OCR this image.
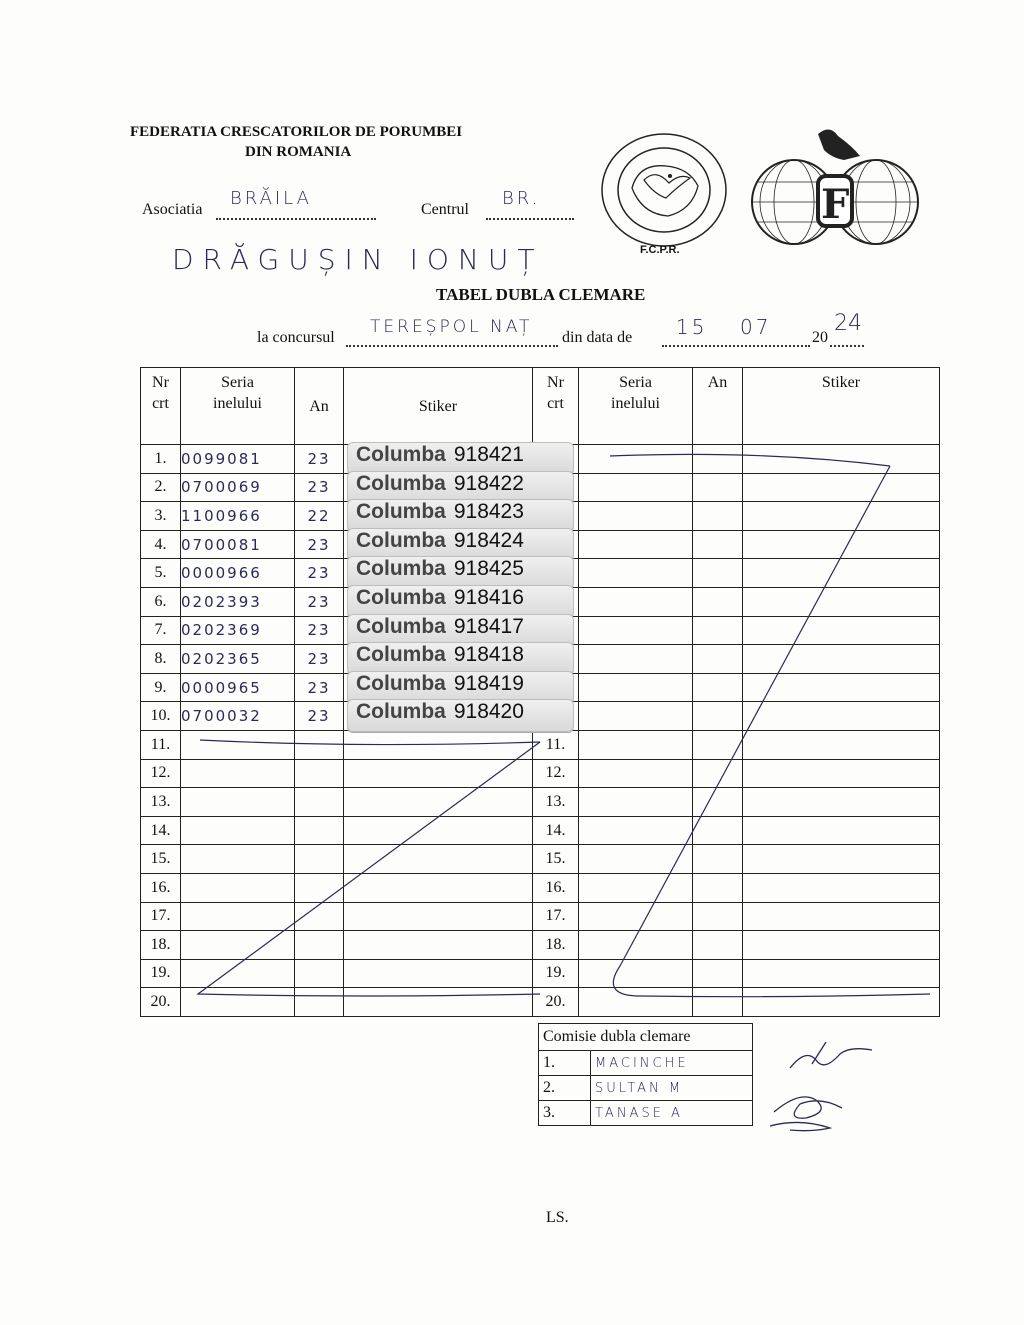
FEDERATIA CRESCATORILOR DE PORUMBEI
DIN ROMANIA
Asociatia
BRĂILA
Centrul
BR.
DRĂGUȘIN IONUȚ	F.C.P.R.
F
TABEL DUBLA CLEMARE
la concursul
TEREȘPOL NAȚ
din data de 15 07	20
24
Nr
crt	Seria
inelului	An	Stiker	Nr
crt	Seria
inelului	An	Stiker
1.	0099081	23	Columba 918421				

2.	0700069	23	Columba 918422				

3.	1100966	22	Columba 918423				

4.	0700081	23	Columba 918424				

5.	0000966	23	Columba 918425				

6.	0202393	23	Columba 918416				

7.	0202369	23	Columba 918417				

8.	0202365	23	Columba 918418				

9.	0000965	23	Columba 918419				

10.	0700032	23	Columba 918420				

11.				11.			
12.				12.			
13.				13.			
14.				14.			
15.				15.			
16.				16.			
17.				17.			
18.				18.			
19.				19.			
20.				20.			
Comisie dubla clemare	
1.	MACINCHE
2.	SULTAN M
3.	TANASE A
LS.
